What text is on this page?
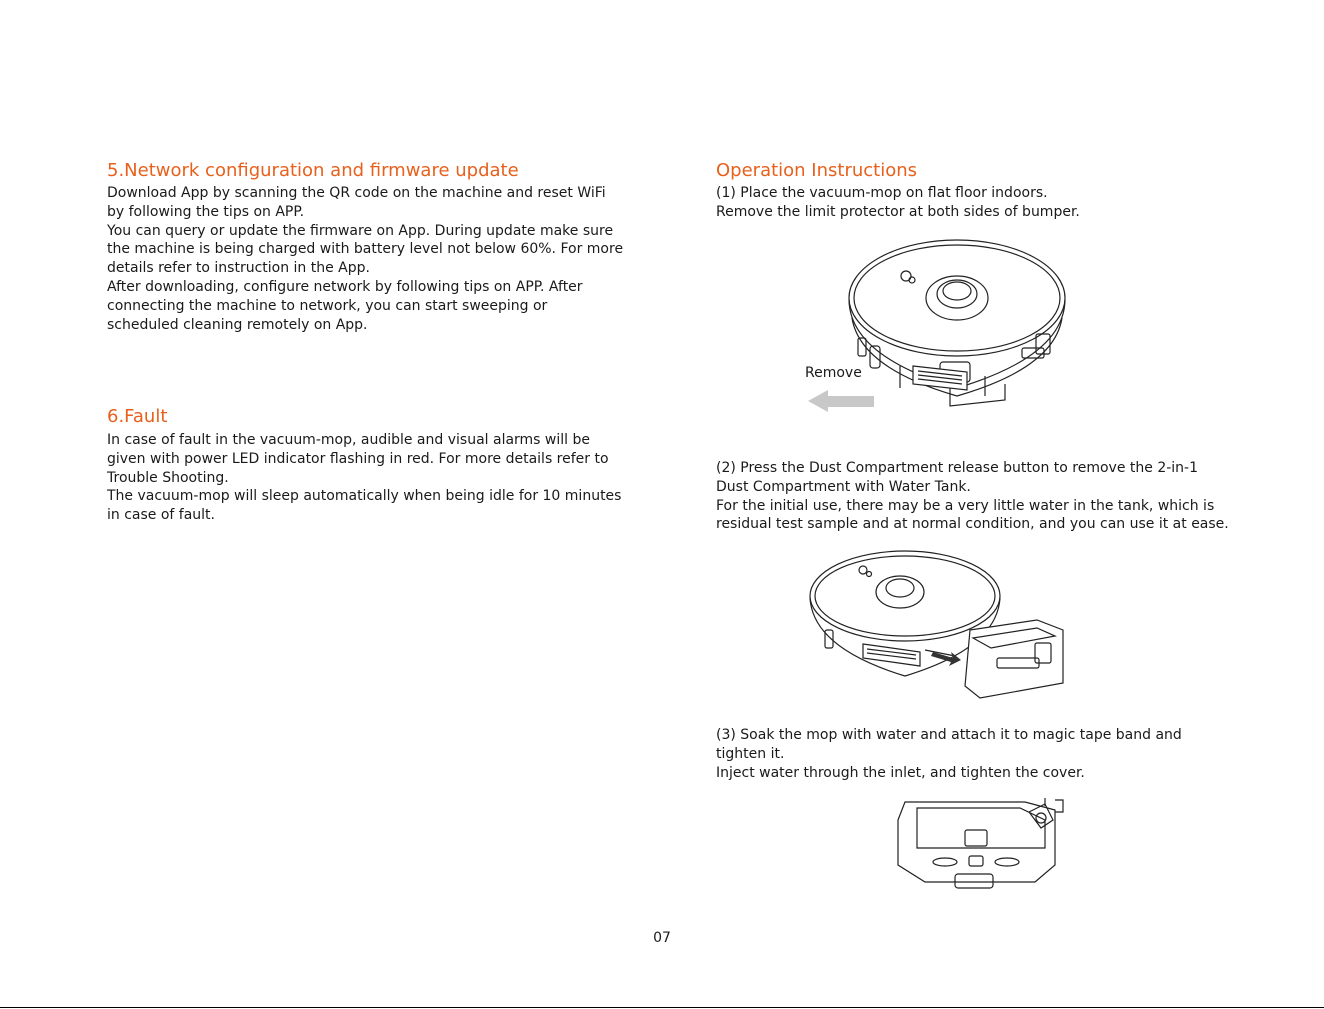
5.Network configuration and firmware update
Download App by scanning the QR code on the machine and reset WiFi
by following the tips on APP.
You can query or update the firmware on App. During update make sure
the machine is being charged with battery level not below 60%. For more
details refer to instruction in the App.
After downloading, configure network by following tips on APP. After
connecting the machine to network, you can start sweeping or
scheduled cleaning remotely on App.
6.Fault
In case of fault in the vacuum-mop, audible and visual alarms will be
given with power LED indicator flashing in red. For more details refer to
Trouble Shooting.
The vacuum-mop will sleep automatically when being idle for 10 minutes
in case of fault.
Operation Instructions
(1) Place the vacuum-mop on flat floor indoors.
Remove the limit protector at both sides of bumper.
Remove
(2) Press the Dust Compartment release button to remove the 2-in-1
Dust Compartment with Water Tank.
For the initial use, there may be a very little water in the tank, which is
residual test sample and at normal condition, and you can use it at ease.
(3) Soak the mop with water and attach it to magic tape band and
tighten it.
Inject water through the inlet, and tighten the cover.
07
